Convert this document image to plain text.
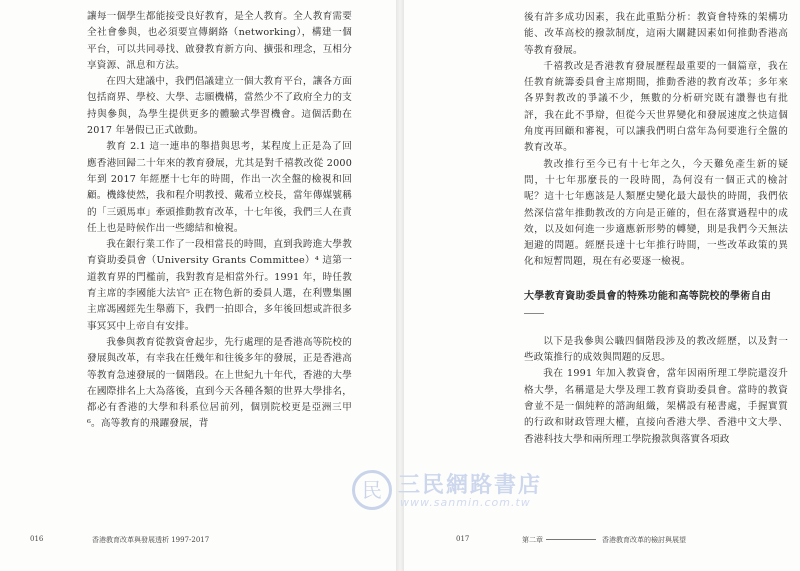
讓每一個學生都能接受良好教育，是全人教育。全人教育需要全社會參與，也必須要宣傳網絡（networking），構建一個平台，可以共同尋找、啟發教育新方向、擴張和理念，互相分享資源、訊息和方法。

在四大建議中，我們倡議建立一個大教育平台，讓各方面包括商界、學校、大學、志願機構，當然少不了政府全力的支持與參與，為學生提供更多的體驗式學習機會。這個活動在 2017 年暑假已正式啟動。

教育 2.1 這一連串的舉措與思考，某程度上正是為了回應香港回歸二十年來的教育發展，尤其是對千禧教改從 2000 年到 2017 年經歷十七年的時間，作出一次全盤的檢視和回顧。機緣使然，我和程介明教授、戴希立校長，當年傳媒號稱的「三頭馬車」牽頭推動教育改革，十七年後，我們三人在責任上也是時候作出一些總結和檢視。

我在銀行業工作了一段相當長的時間，直到我跨進大學教育資助委員會（University Grants Committee）⁴ 這第一道教育界的門檻前，我對教育是相當外行。1991 年，時任教育主席的李國能大法官⁵ 正在物色新的委員人選，在利豐集團主席馮國經先生舉薦下，我們一拍即合，多年後回想或許很多事冥冥中上帝自有安排。

我參與教育從教資會起步，先行處理的是香港高等院校的發展與改革，有幸我在任幾年和往後多年的發展，正是香港高等教育急速發展的一個階段。在上世紀九十年代，香港的大學在國際排名上大為落後，直到今天各種各類的世界大學排名，都必有香港的大學和科系位居前列，個別院校更是亞洲三甲⁶。高等教育的飛躍發展，背

016	香港教育改革與發展透析 1997-2017

後有許多成功因素，我在此重點分析：教資會特殊的架構功能、改革高校的撥款制度，這兩大關鍵因素如何推動香港高等教育發展。

千禧教改是香港教育發展歷程最重要的一個篇章，我在任教育統籌委員會主席期間，推動香港的教育改革；多年來各界對教改的爭議不少，無數的分析研究既有讚譽也有批評，我在此不爭辯，但從今天世界變化和發展速度之快這個角度再回顧和審視，可以讓我們明白當年為何要進行全盤的教育改革。

教改推行至今已有十七年之久，今天難免產生新的疑問，十七年那麼長的一段時間，為何沒有一個正式的檢討呢？這十七年應該是人類歷史變化最大最快的時間，我們依然深信當年推動教改的方向是正確的，但在落實過程中的成效，以及如何進一步適應新形勢的轉變，則是我們今天無法迴避的問題。經歷長達十七年推行時間，一些改革政策的異化和短暫問題，現在有必要逐一檢視。

大學教育資助委員會的特殊功能和高等院校的學術自由

以下是我參與公職四個階段涉及的教改經歷，以及對一些政策推行的成效與問題的反思。

我在 1991 年加入教資會，當年因兩所理工學院還沒升格大學，名稱還是大學及理工教育資助委員會。當時的教資會並不是一個純粹的諮詢組織，架構設有秘書處，手握實質的行政和財政管理大權，直接向香港大學、香港中文大學、香港科技大學和兩所理工學院撥款與落實各項政

017	第二章	香港教育改革的檢討與展望
民 三民網路書店
www.sanmin.com.tw
